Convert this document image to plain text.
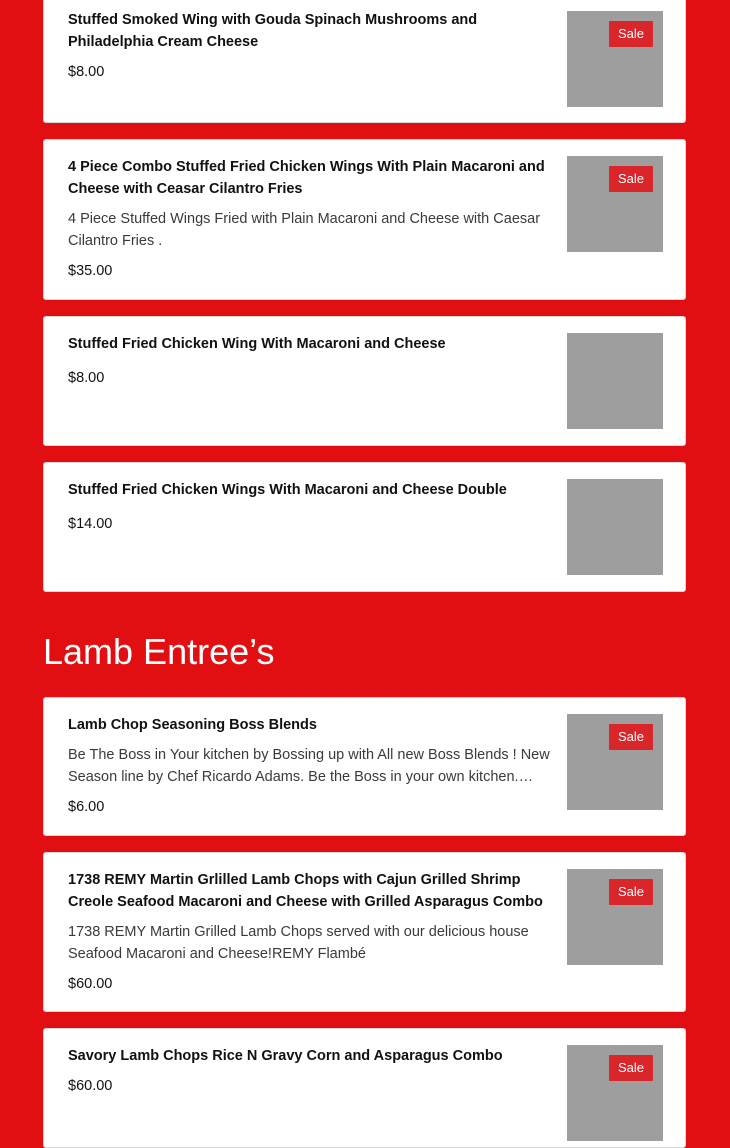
Stuffed Smoked Wing with Gouda Spinach Mushrooms and Philadelphia Cream Cheese

$8.00

Sale

4 Piece Combo Stuffed Fried Chicken Wings With Plain Macaroni and Cheese with Ceasar Cilantro Fries

4 Piece Stuffed Wings Fried with Plain Macaroni and Cheese with Caesar Cilantro Fries .

$35.00

Sale

Stuffed Fried Chicken Wing With Macaroni and Cheese

$8.00

Stuffed Fried Chicken Wings With Macaroni and Cheese Double

$14.00

Lamb Entree’s

Lamb Chop Seasoning Boss Blends

Be The Boss in Your kitchen by Bossing up with All new Boss Blends ! New Season line by Chef Ricardo Adams. Be the Boss in your own kitchen.

$6.00

Sale

1738 REMY Martin Grlilled Lamb Chops with Cajun Grilled Shrimp Creole Seafood Macaroni and Cheese with Grilled Asparagus Combo

1738 REMY Martin Grilled Lamb Chops served with our delicious house Seafood Macaroni and Cheese!REMY Flambé

$60.00

Sale

Savory Lamb Chops Rice N Gravy Corn and Asparagus Combo

$60.00

Sale
